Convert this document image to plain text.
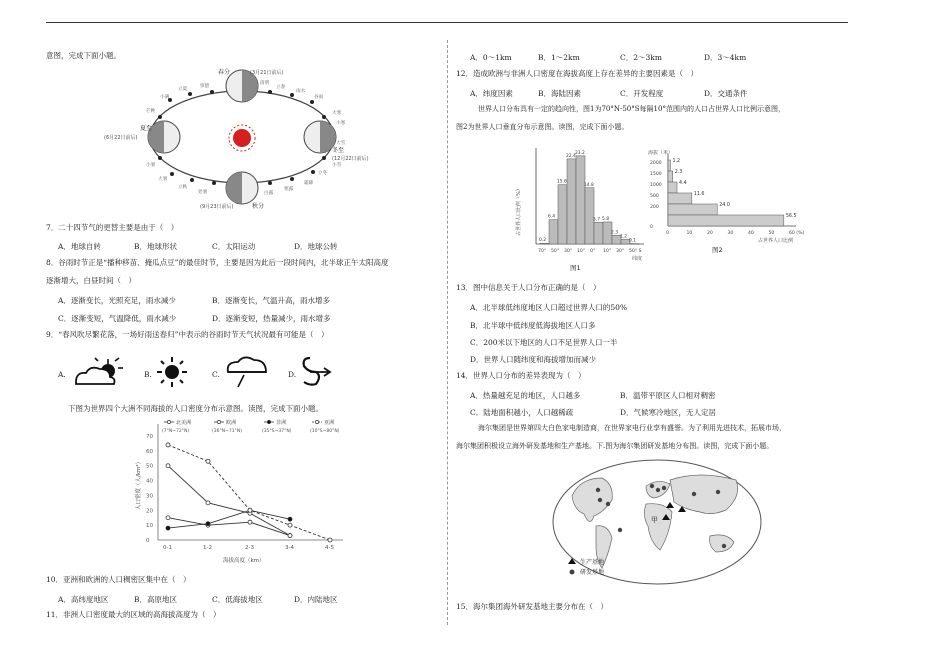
意图，完成下面小题。
春分	(3月21日前后)
夏至
(6月22日前后)
冬至
(12月22日前后)
秋分
(9月23日前后)
立春
雨水
惊蛰
清明
谷雨
立夏
小满
芒种	大寒
小寒
小暑
大暑
立秋
处暑	白露
寒露
霜降
立冬
小雪
大雪
7．二十四节气的更替主要是由于（　）
A．地球自转	B．地球形状	C．太阳运动	D．地球公转
8．谷雨时节正是“播种移苗、掩瓜点豆”的最佳时节，主要是因为此后一段时间内，北半球正午太阳高度
逐渐增大，白昼时间（　）
A．逐渐变长，光照充足，雨水减少	B．逐渐变长，气温升高，雨水增多
C．逐渐变短，气温降低，雨水减少	D．逐渐变短，热量减少，雨水增多
9．“春风吹尽繁花落，一场好雨送春归”中表示的谷雨时节天气状况最有可能是（　）
A.	B.	C.	D.
下图为世界四个大洲不同海拔的人口密度分布示意图。读图，完成下面小题。
0
10
20
30
40
50
60
70
0-1	1-2	2-3	3-4	4-5
人口密度（人/km²）
海拔高度（km）
北美洲
(7°N~72°N)
欧洲
(36°N~71°N)
非洲
(35°S~37°N)
亚洲
(10°S~80°N)
10．亚洲和欧洲的人口稠密区集中在（　）
A．高纬度地区	B．高原地区	C．低海拔地区	D．内陆地区
11．非洲人口密度最大的区域的高海拔高度为（　）
A．0～1km	B．1～2km	C．2～3km	D．3～4km
12．造成欧洲与非洲人口密度在海拔高度上存在差异的主要因素是（　）
A．纬度因素	B．海陆因素	C．开发程度	D．交通条件
世界人口分布具有一定的趋向性，图1为70°N-50°S每隔10°范围内的人口占世界人口比例示意图，
图2为世界人口垂直分布示意图。读图，完成下面小题。
0.2
6.4
15.6
22.4
23.2
14.8
5.7 5.8
2.3
1.2
0.1
70° 50° 30° 10° 0° 10° 30° 50° S
占世界人口比例（%）
纬度
图1
1.2
2.3
4.4
11.6
24.0
56.5
2000
1500
1000
500
200
0
0	10	20	30	40	50	60 (%)
海拔（米）
占世界人口比例
图2
13．图中信息关于人口分布正确的是（　）
A．北半球低纬度地区人口超过世界人口的50%
B．北半球中低纬度低海拔地区人口多
C．200米以下地区的人口不足世界人口一半
D．世界人口随纬度和海拔增加而减少
14．世界人口分布的差异表现为（　）
A．热量越充足的地区，人口越多	B．温带平原区人口相对稠密
C．陆地面积越小，人口越稀疏	D．气候寒冷地区，无人定居
海尔集团是世界第四大白色家电制造商，在世界家电行业享有盛誉。为了利用先进技术，拓展市场，
海尔集团积极设立海外研发基地和生产基地。下.图为海尔集团研发基地分布图。读图，完成下面小题。
甲
生产基地
研发基地
15．海尔集团海外研发基地主要分布在（　）
